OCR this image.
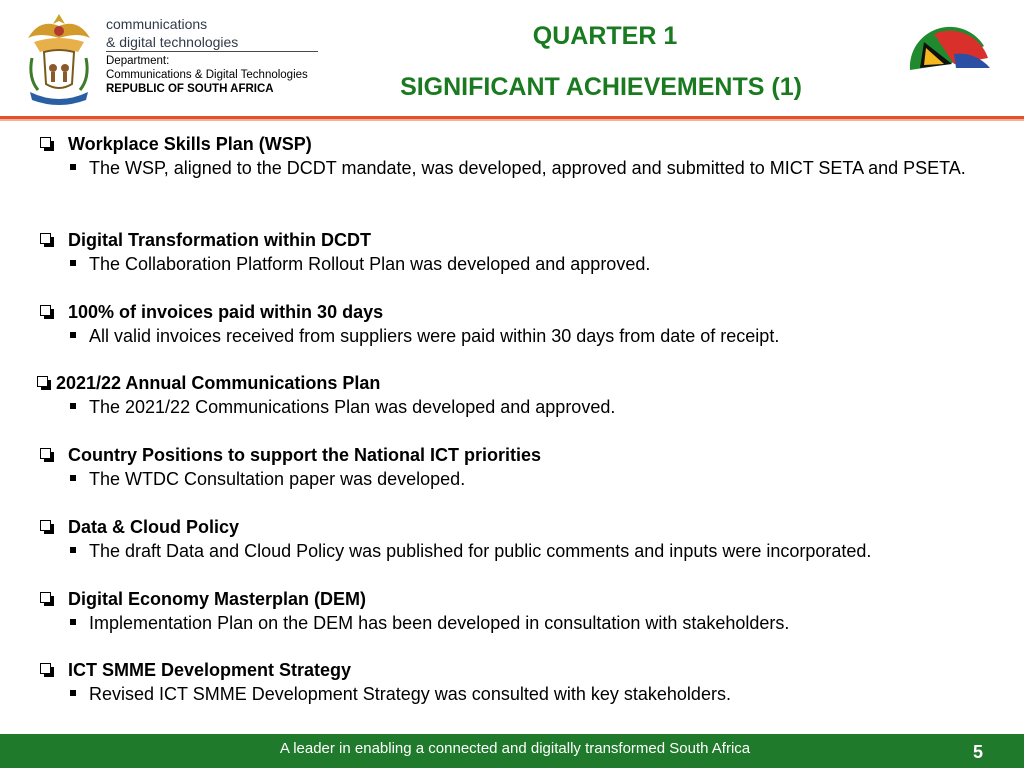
communications
& digital technologies
Department:
Communications & Digital Technologies
REPUBLIC OF SOUTH AFRICA
QUARTER 1
SIGNIFICANT ACHIEVEMENTS (1)
Workplace Skills Plan (WSP)
The WSP, aligned to the DCDT mandate, was developed, approved and submitted to MICT SETA and PSETA.
Digital Transformation within DCDT
The Collaboration Platform Rollout Plan was developed and approved.
100% of invoices paid within 30 days
All valid invoices received from suppliers were paid within 30 days from date of receipt.
2021/22 Annual Communications Plan
The 2021/22 Communications Plan was developed and approved.
Country Positions to support the National ICT priorities
The WTDC Consultation paper was developed.
Data & Cloud Policy
The draft Data and Cloud Policy was published for public comments and inputs were incorporated.
Digital Economy Masterplan (DEM)
Implementation Plan on the DEM has been developed in consultation with stakeholders.
ICT SMME Development Strategy
Revised ICT SMME Development Strategy was consulted with key stakeholders.
A leader in enabling a connected and digitally transformed South Africa	5
